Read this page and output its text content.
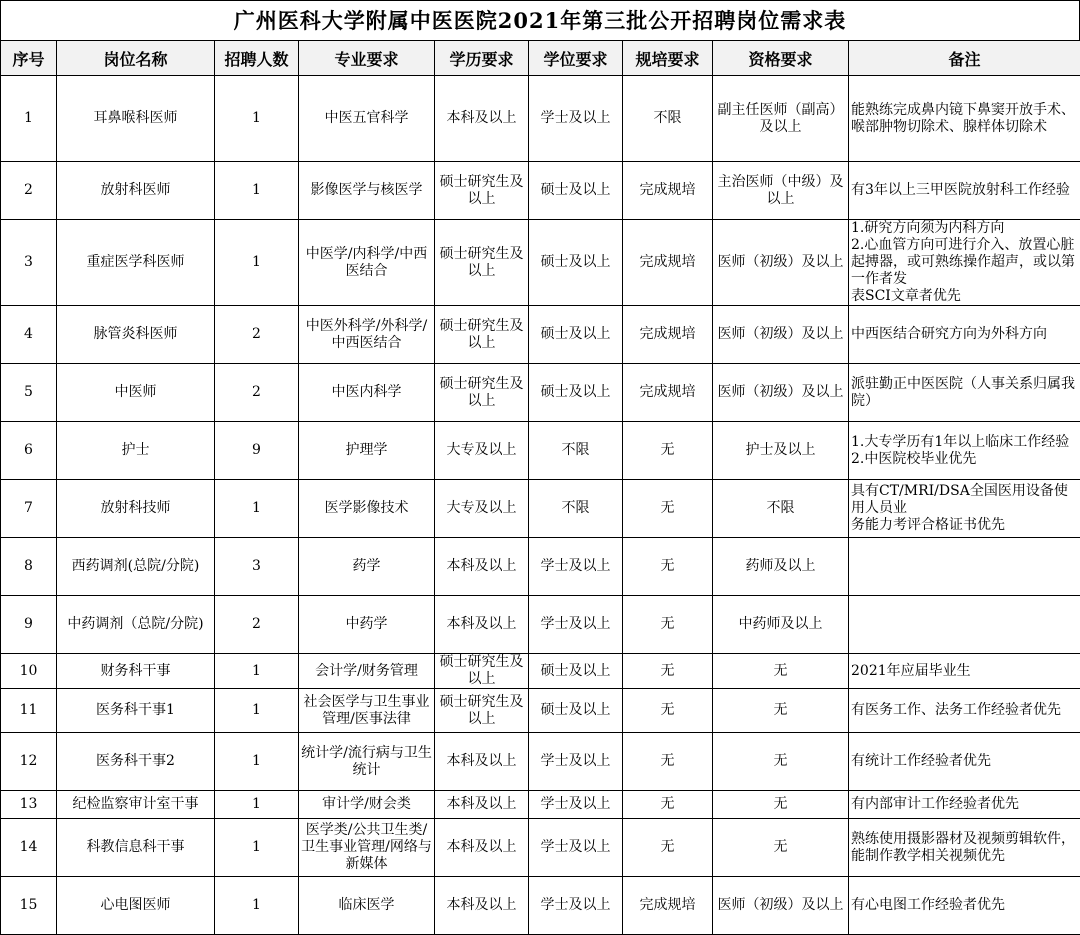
广州医科大学附属中医医院2021年第三批公开招聘岗位需求表
序号	岗位名称	招聘人数	专业要求	学历要求	学位要求	规培要求	资格要求	备注
1	耳鼻喉科医师	1	中医五官科学	本科及以上	学士及以上	不限	副主任医师（副高）及以上	能熟练完成鼻内镜下鼻窦开放手术、喉部肿物切除术、腺样体切除术

2	放射科医师	1	影像医学与核医学	硕士研究生及以上	硕士及以上	完成规培	主治医师（中级）及以上	有3年以上三甲医院放射科工作经验

3	重症医学科医师	1	中医学/内科学/中西医结合	硕士研究生及以上	硕士及以上	完成规培	医师（初级）及以上	1.研究方向须为内科方向
2.心血管方向可进行介入、放置心脏起搏器，或可熟练操作超声，或以第一作者发
表SCI文章者优先

4	脉管炎科医师	2	中医外科学/外科学/中西医结合	硕士研究生及以上	硕士及以上	完成规培	医师（初级）及以上	中西医结合研究方向为外科方向

5	中医师	2	中医内科学	硕士研究生及以上	硕士及以上	完成规培	医师（初级）及以上	派驻勤正中医医院（人事关系归属我院）

6	护士	9	护理学	大专及以上	不限	无	护士及以上	1.大专学历有1年以上临床工作经验
2.中医院校毕业优先

7	放射科技师	1	医学影像技术	大专及以上	不限	无	不限	具有CT/MRI/DSA全国医用设备使用人员业
务能力考评合格证书优先

8	西药调剂(总院/分院)	3	药学	本科及以上	学士及以上	无	药师及以上	

9	中药调剂（总院/分院)	2	中药学	本科及以上	学士及以上	无	中药师及以上	

10	财务科干事	1	会计学/财务管理	硕士研究生及以上	硕士及以上	无	无	2021年应届毕业生

11	医务科干事1	1	社会医学与卫生事业管理/医事法律	硕士研究生及以上	硕士及以上	无	无	有医务工作、法务工作经验者优先

12	医务科干事2	1	统计学/流行病与卫生统计	本科及以上	学士及以上	无	无	有统计工作经验者优先

13	纪检监察审计室干事	1	审计学/财会类	本科及以上	学士及以上	无	无	有内部审计工作经验者优先

14	科教信息科干事	1	医学类/公共卫生类/卫生事业管理/网络与新媒体	本科及以上	学士及以上	无	无	熟练使用摄影器材及视频剪辑软件，能制作教学相关视频优先

15	心电图医师	1	临床医学	本科及以上	学士及以上	完成规培	医师（初级）及以上	有心电图工作经验者优先
